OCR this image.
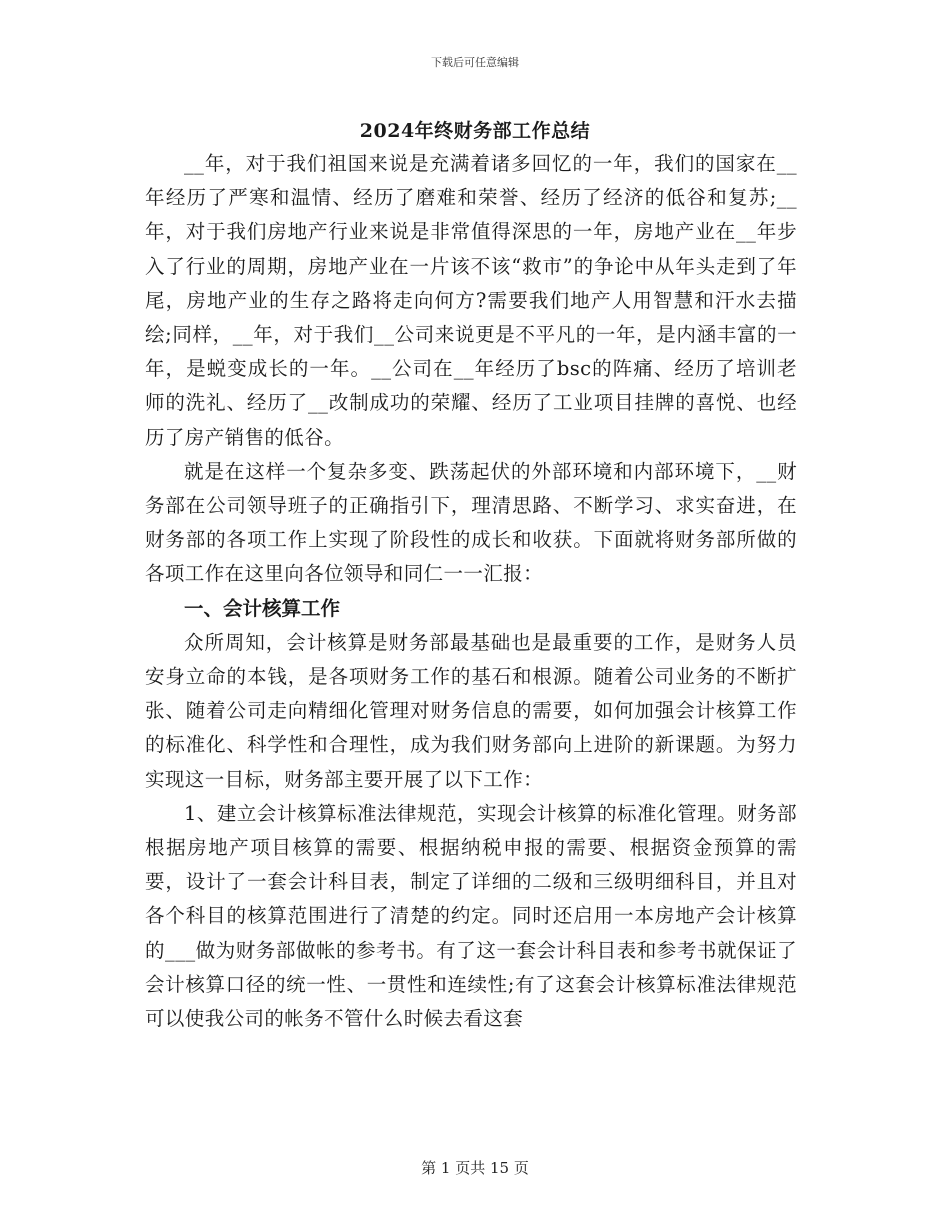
下载后可任意编辑
2024年终财务部工作总结

__年，对于我们祖国来说是充满着诸多回忆的一年，我们的国家在__年经历了严寒和温情、经历了磨难和荣誉、经历了经济的低谷和复苏;__年，对于我们房地产行业来说是非常值得深思的一年，房地产业在__年步入了行业的周期，房地产业在一片该不该“救市”的争论中从年头走到了年尾，房地产业的生存之路将走向何方?需要我们地产人用智慧和汗水去描绘;同样，__年，对于我们__公司来说更是不平凡的一年，是内涵丰富的一年，是蜕变成长的一年。__公司在__年经历了bsc的阵痛、经历了培训老师的洗礼、经历了__改制成功的荣耀、经历了工业项目挂牌的喜悦、也经历了房产销售的低谷。

就是在这样一个复杂多变、跌荡起伏的外部环境和内部环境下，__财务部在公司领导班子的正确指引下，理清思路、不断学习、求实奋进，在财务部的各项工作上实现了阶段性的成长和收获。下面就将财务部所做的各项工作在这里向各位领导和同仁一一汇报：

一、会计核算工作

众所周知，会计核算是财务部最基础也是最重要的工作，是财务人员安身立命的本钱，是各项财务工作的基石和根源。随着公司业务的不断扩张、随着公司走向精细化管理对财务信息的需要，如何加强会计核算工作的标准化、科学性和合理性，成为我们财务部向上进阶的新课题。为努力实现这一目标，财务部主要开展了以下工作：

1、建立会计核算标准法律规范，实现会计核算的标准化管理。财务部根据房地产项目核算的需要、根据纳税申报的需要、根据资金预算的需要，设计了一套会计科目表，制定了详细的二级和三级明细科目，并且对各个科目的核算范围进行了清楚的约定。同时还启用一本房地产会计核算的___做为财务部做帐的参考书。有了这一套会计科目表和参考书就保证了会计核算口径的统一性、一贯性和连续性;有了这套会计核算标准法律规范可以使我公司的帐务不管什么时候去看这套

第 1 页共 15 页
